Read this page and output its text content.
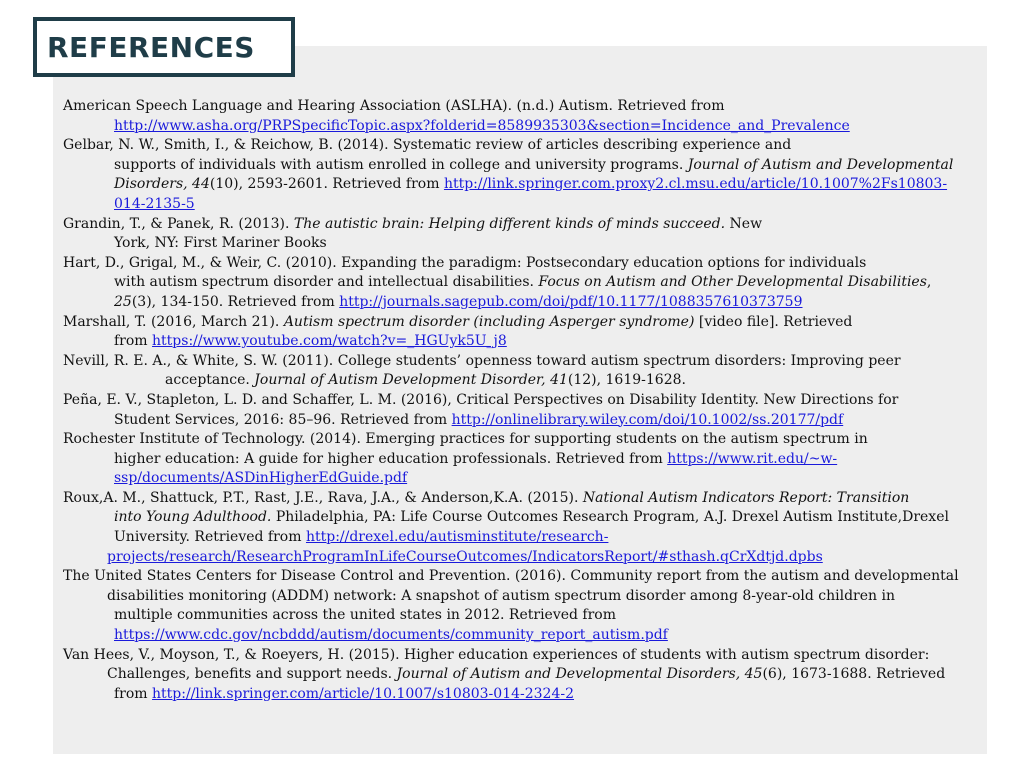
REFERENCES
American Speech Language and Hearing Association (ASLHA). (n.d.) Autism. Retrieved from
http://www.asha.org/PRPSpecificTopic.aspx?folderid=8589935303&section=Incidence_and_Prevalence
Gelbar, N. W., Smith, I., & Reichow, B. (2014). Systematic review of articles describing experience and
supports of individuals with autism enrolled in college and university programs. Journal of Autism and Developmental
Disorders, 44(10), 2593-2601. Retrieved from http://link.springer.com.proxy2.cl.msu.edu/article/10.1007%2Fs10803-
014-2135-5
Grandin, T., & Panek, R. (2013). The autistic brain: Helping different kinds of minds succeed. New
York, NY: First Mariner Books
Hart, D., Grigal, M., & Weir, C. (2010). Expanding the paradigm: Postsecondary education options for individuals
with autism spectrum disorder and intellectual disabilities. Focus on Autism and Other Developmental Disabilities,
25(3), 134-150. Retrieved from http://journals.sagepub.com/doi/pdf/10.1177/1088357610373759
Marshall, T. (2016, March 21). Autism spectrum disorder (including Asperger syndrome) [video file]. Retrieved
from https://www.youtube.com/watch?v=_HGUyk5U_j8
Nevill, R. E. A., & White, S. W. (2011). College students’ openness toward autism spectrum disorders: Improving peer
acceptance. Journal of Autism Development Disorder, 41(12), 1619-1628.
Peña, E. V., Stapleton, L. D. and Schaffer, L. M. (2016), Critical Perspectives on Disability Identity. New Directions for
Student Services, 2016: 85–96. Retrieved from http://onlinelibrary.wiley.com/doi/10.1002/ss.20177/pdf
Rochester Institute of Technology. (2014). Emerging practices for supporting students on the autism spectrum in
higher education: A guide for higher education professionals. Retrieved from https://www.rit.edu/~w-
ssp/documents/ASDinHigherEdGuide.pdf
Roux,A. M., Shattuck, P.T., Rast, J.E., Rava, J.A., & Anderson,K.A. (2015). National Autism Indicators Report: Transition
into Young Adulthood. Philadelphia, PA: Life Course Outcomes Research Program, A.J. Drexel Autism Institute,Drexel
University. Retrieved from http://drexel.edu/autisminstitute/research-
projects/research/ResearchProgramInLifeCourseOutcomes/IndicatorsReport/#sthash.qCrXdtjd.dpbs
The United States Centers for Disease Control and Prevention. (2016). Community report from the autism and developmental
disabilities monitoring (ADDM) network: A snapshot of autism spectrum disorder among 8-year-old children in
multiple communities across the united states in 2012. Retrieved from
https://www.cdc.gov/ncbddd/autism/documents/community_report_autism.pdf
Van Hees, V., Moyson, T., & Roeyers, H. (2015). Higher education experiences of students with autism spectrum disorder:
Challenges, benefits and support needs. Journal of Autism and Developmental Disorders, 45(6), 1673-1688. Retrieved
from http://link.springer.com/article/10.1007/s10803-014-2324-2
